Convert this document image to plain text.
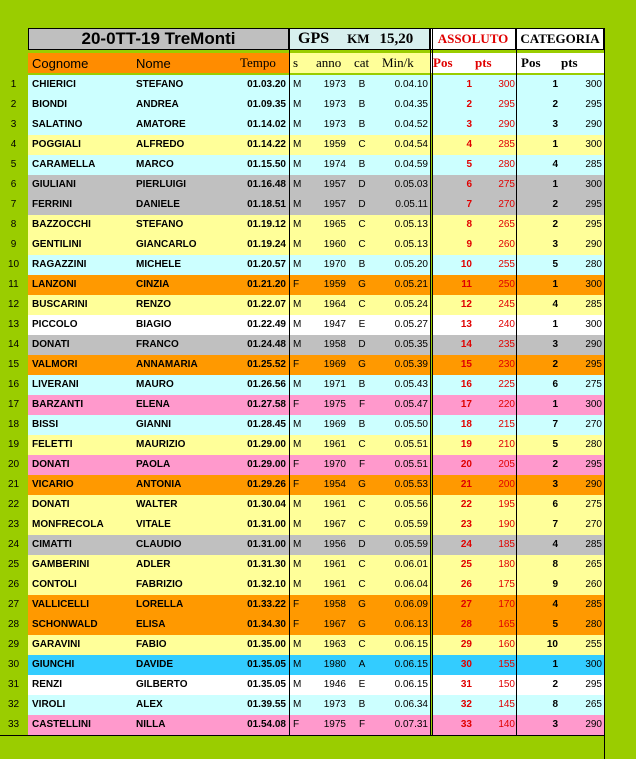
20-0TT-19 TreMonti	GPS KM 15,20 ASSOLUTO CATEGORIA
Cognome	Nome	Tempo s anno cat Min/k Pos pts Pos pts
1	CHIERICI	STEFANO	01.03.20 M	1973 B	0.04.10	1	300	1	300
2	BIONDI	ANDREA	01.09.35 M	1973 B	0.04.35	2	295	2	295
3	SALATINO	AMATORE	01.14.02 M	1973 B	0.04.52	3	290	3	290
4	POGGIALI	ALFREDO	01.14.22 M	1959 C	0.04.54	4	285	1	300
5	CARAMELLA	MARCO	01.15.50 M	1974 B	0.04.59	5	280	4	285
6	GIULIANI	PIERLUIGI	01.16.48 M	1957 D	0.05.03	6	275	1	300
7	FERRINI	DANIELE	01.18.51 M	1957 D	0.05.11	7	270	2	295
8	BAZZOCCHI	STEFANO	01.19.12 M	1965 C	0.05.13	8	265	2	295
9	GENTILINI	GIANCARLO	01.19.24 M	1960 C	0.05.13	9	260	3	290
10	RAGAZZINI	MICHELE	01.20.57 M	1970 B	0.05.20	10	255	5	280
11	LANZONI	CINZIA	01.21.20 F	1959 G	0.05.21	11	250	1	300
12	BUSCARINI	RENZO	01.22.07 M	1964 C	0.05.24	12	245	4	285
13	PICCOLO	BIAGIO	01.22.49 M	1947 E	0.05.27	13	240	1	300
14	DONATI	FRANCO	01.24.48 M	1958 D	0.05.35	14	235	3	290
15	VALMORI	ANNAMARIA	01.25.52 F	1969 G	0.05.39	15	230	2	295
16	LIVERANI	MAURO	01.26.56 M	1971 B	0.05.43	16	225	6	275
17	BARZANTI	ELENA	01.27.58 F	1975 F	0.05.47	17	220	1	300
18	BISSI	GIANNI	01.28.45 M	1969 B	0.05.50	18	215	7	270
19	FELETTI	MAURIZIO	01.29.00 M	1961 C	0.05.51	19	210	5	280
20	DONATI	PAOLA	01.29.00 F	1970 F	0.05.51	20	205	2	295
21	VICARIO	ANTONIA	01.29.26 F	1954 G	0.05.53	21	200	3	290
22	DONATI	WALTER	01.30.04 M	1961 C	0.05.56	22	195	6	275
23	MONFRECOLA	VITALE	01.31.00 M	1967 C	0.05.59	23	190	7	270
24	CIMATTI	CLAUDIO	01.31.00 M	1956 D	0.05.59	24	185	4	285
25	GAMBERINI	ADLER	01.31.30 M	1961 C	0.06.01	25	180	8	265
26	CONTOLI	FABRIZIO	01.32.10 M	1961 C	0.06.04	26	175	9	260
27	VALLICELLI	LORELLA	01.33.22 F	1958 G	0.06.09	27	170	4	285
28	SCHONWALD	ELISA	01.34.30 F	1967 G	0.06.13	28	165	5	280
29	GARAVINI	FABIO	01.35.00 M	1963 C	0.06.15	29	160	10	255
30	GIUNCHI	DAVIDE	01.35.05 M	1980 A	0.06.15	30	155	1	300
31	RENZI	GILBERTO	01.35.05 M	1946 E	0.06.15	31	150	2	295
32	VIROLI	ALEX	01.39.55 M	1973 B	0.06.34	32	145	8	265
33	CASTELLINI	NILLA	01.54.08 F	1975 F	0.07.31	33	140	3	290
